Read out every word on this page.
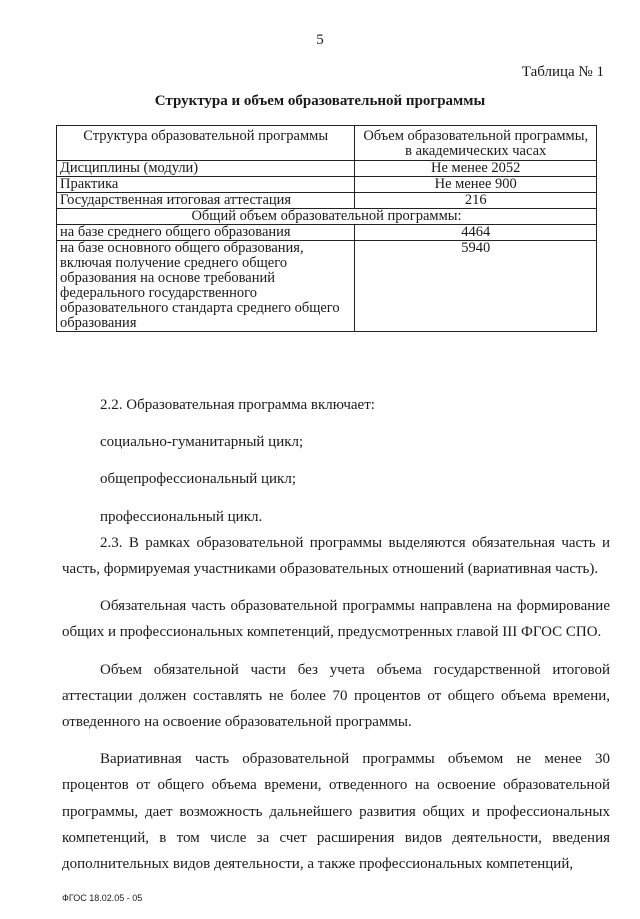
5
Таблица № 1
Структура и объем образовательной программы
Структура образовательной программы	Объем образовательной программы, в академических часах
Дисциплины (модули)	Не менее 2052
Практика	Не менее 900
Государственная итоговая аттестация	216
Общий объем образовательной программы:	
на базе среднего общего образования	4464
на базе основного общего образования, включая получение среднего общего образования на основе требований федерального государственного образовательного стандарта среднего общего образования	5940

2.2. Образовательная программа включает:

социально-гуманитарный цикл;

общепрофессиональный цикл;

профессиональный цикл.

2.3. В рамках образовательной программы выделяются обязательная часть и часть, формируемая участниками образовательных отношений (вариативная часть).

Обязательная часть образовательной программы направлена на формирование общих и профессиональных компетенций, предусмотренных главой III ФГОС СПО.

Объем обязательной части без учета объема государственной итоговой аттестации должен составлять не более 70 процентов от общего объема времени, отведенного на освоение образовательной программы.

Вариативная часть образовательной программы объемом не менее 30 процентов от общего объема времени, отведенного на освоение образовательной программы, дает возможность дальнейшего развития общих и профессиональных компетенций, в том числе за счет расширения видов деятельности, введения дополнительных видов деятельности, а также профессиональных компетенций,

ФГОС 18.02.05 - 05
